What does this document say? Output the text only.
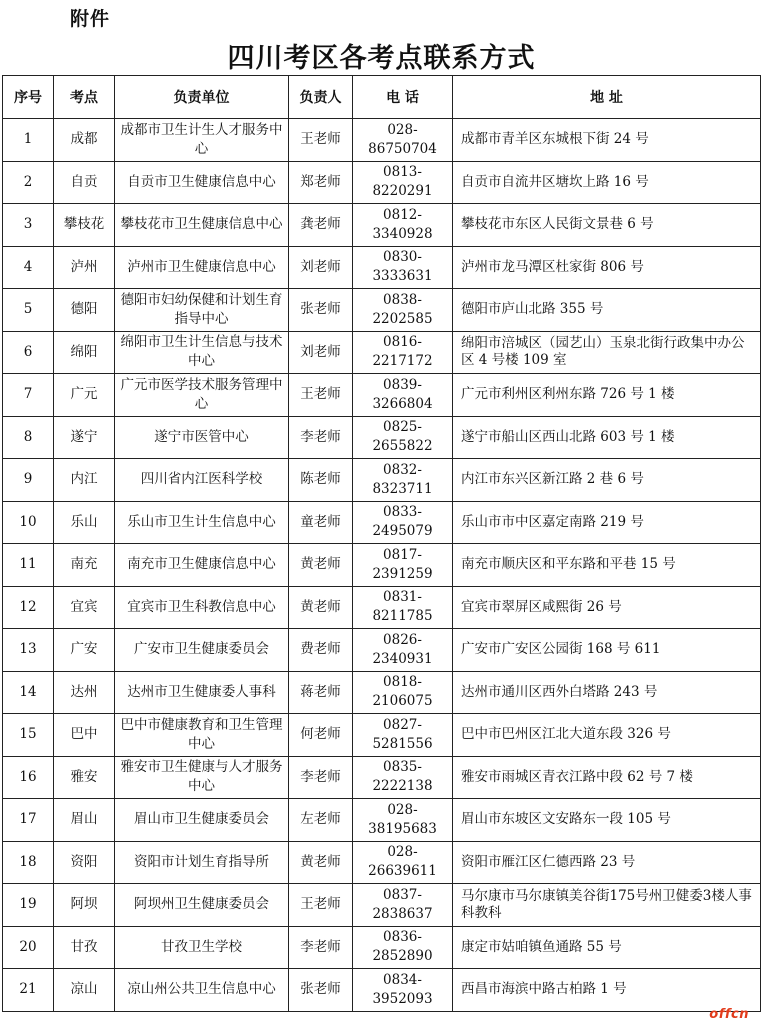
附件
四川考区各考点联系方式
序号	考点	负责单位	负责人	电 话	地 址
1	成都	成都市卫生计生人才服务中心	王老师	028-86750704	成都市青羊区东城根下街 24 号
2	自贡	自贡市卫生健康信息中心	郑老师	0813-8220291	自贡市自流井区塘坎上路 16 号
3	攀枝花	攀枝花市卫生健康信息中心	龚老师	0812-3340928	攀枝花市东区人民街文景巷 6 号
4	泸州	泸州市卫生健康信息中心	刘老师	0830-3333631	泸州市龙马潭区杜家街 806 号
5	德阳	德阳市妇幼保健和计划生育指导中心	张老师	0838-2202585	德阳市庐山北路 355 号
6	绵阳	绵阳市卫生计生信息与技术中心	刘老师	0816-2217172	绵阳市涪城区（园艺山）玉泉北街行政集中办公区 4 号楼 109 室
7	广元	广元市医学技术服务管理中心	王老师	0839-3266804	广元市利州区利州东路 726 号 1 楼
8	遂宁	遂宁市医管中心	李老师	0825-2655822	遂宁市船山区西山北路 603 号 1 楼
9	内江	四川省内江医科学校	陈老师	0832-8323711	内江市东兴区新江路 2 巷 6 号
10	乐山	乐山市卫生计生信息中心	童老师	0833-2495079	乐山市市中区嘉定南路 219 号
11	南充	南充市卫生健康信息中心	黄老师	0817-2391259	南充市顺庆区和平东路和平巷 15 号
12	宜宾	宜宾市卫生科教信息中心	黄老师	0831-8211785	宜宾市翠屏区咸熙街 26 号
13	广安	广安市卫生健康委员会	费老师	0826-2340931	广安市广安区公园街 168 号 611
14	达州	达州市卫生健康委人事科	蒋老师	0818-2106075	达州市通川区西外白塔路 243 号
15	巴中	巴中市健康教育和卫生管理中心	何老师	0827-5281556	巴中市巴州区江北大道东段 326 号
16	雅安	雅安市卫生健康与人才服务中心	李老师	0835-2222138	雅安市雨城区青衣江路中段 62 号 7 楼
17	眉山	眉山市卫生健康委员会	左老师	028-38195683	眉山市东坡区文安路东一段 105 号
18	资阳	资阳市计划生育指导所	黄老师	028-26639611	资阳市雁江区仁德西路 23 号
19	阿坝	阿坝州卫生健康委员会	王老师	0837-2838637	马尔康市马尔康镇美谷街175号州卫健委3楼人事科教科
20	甘孜	甘孜卫生学校	李老师	0836-2852890	康定市姑咱镇鱼通路 55 号
21	凉山	凉山州公共卫生信息中心	张老师	0834-3952093	西昌市海滨中路古柏路 1 号
offcn
